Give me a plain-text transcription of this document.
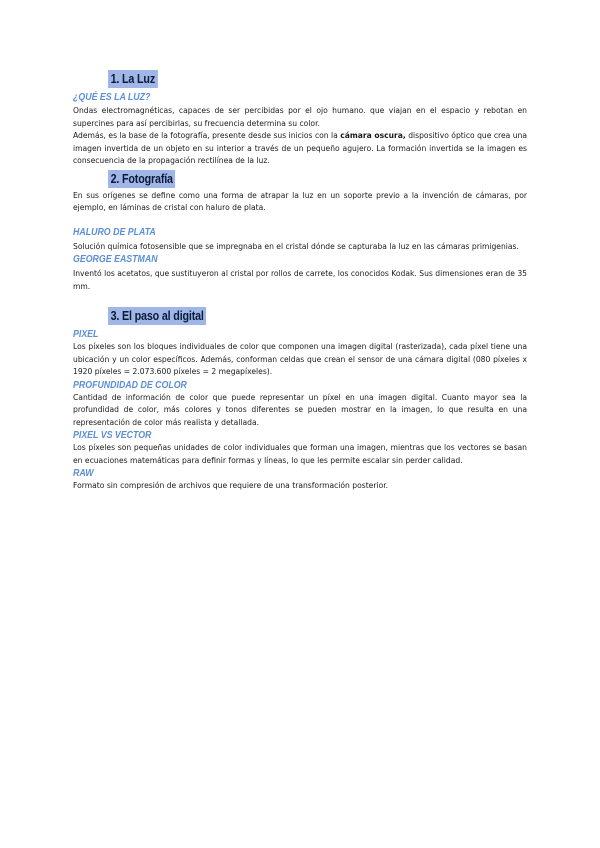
1. La Luz
¿QUÉ ES LA LUZ?

Ondas electromagnéticas, capaces de ser percibidas por el ojo humano. que viajan en el espacio y rebotan en supercines para así percibirlas, su frecuencia determina su color.

Además, es la base de la fotografía, presente desde sus inicios con la cámara oscura, dispositivo óptico que crea una imagen invertida de un objeto en su interior a través de un pequeño agujero. La formación invertida se la imagen es consecuencia de la propagación rectilínea de la luz.

2. Fotografía

En sus orígenes se define como una forma de atrapar la luz en un soporte previo a la invención de cámaras, por ejemplo, en láminas de cristal con haluro de plata.

HALURO DE PLATA

Solución química fotosensible que se impregnaba en el cristal dónde se capturaba la luz en las cámaras primigenias.

GEORGE EASTMAN

Inventó los acetatos, que sustituyeron al cristal por rollos de carrete, los conocidos Kodak. Sus dimensiones eran de 35 mm.

3. El paso al digital
PIXEL

Los píxeles son los bloques individuales de color que componen una imagen digital (rasterizada), cada píxel tiene una ubicación y un color específicos. Además, conforman celdas que crean el sensor de una cámara digital (080 píxeles x 1920 píxeles = 2.073.600 píxeles = 2 megapíxeles).

PROFUNDIDAD DE COLOR

Cantidad de información de color que puede representar un píxel en una imagen digital. Cuanto mayor sea la profundidad de color, más colores y tonos diferentes se pueden mostrar en la imagen, lo que resulta en una representación de color más realista y detallada.

PIXEL VS VECTOR

Los píxeles son pequeñas unidades de color individuales que forman una imagen, mientras que los vectores se basan en ecuaciones matemáticas para definir formas y líneas, lo que les permite escalar sin perder calidad.

RAW

Formato sin compresión de archivos que requiere de una transformación posterior.
